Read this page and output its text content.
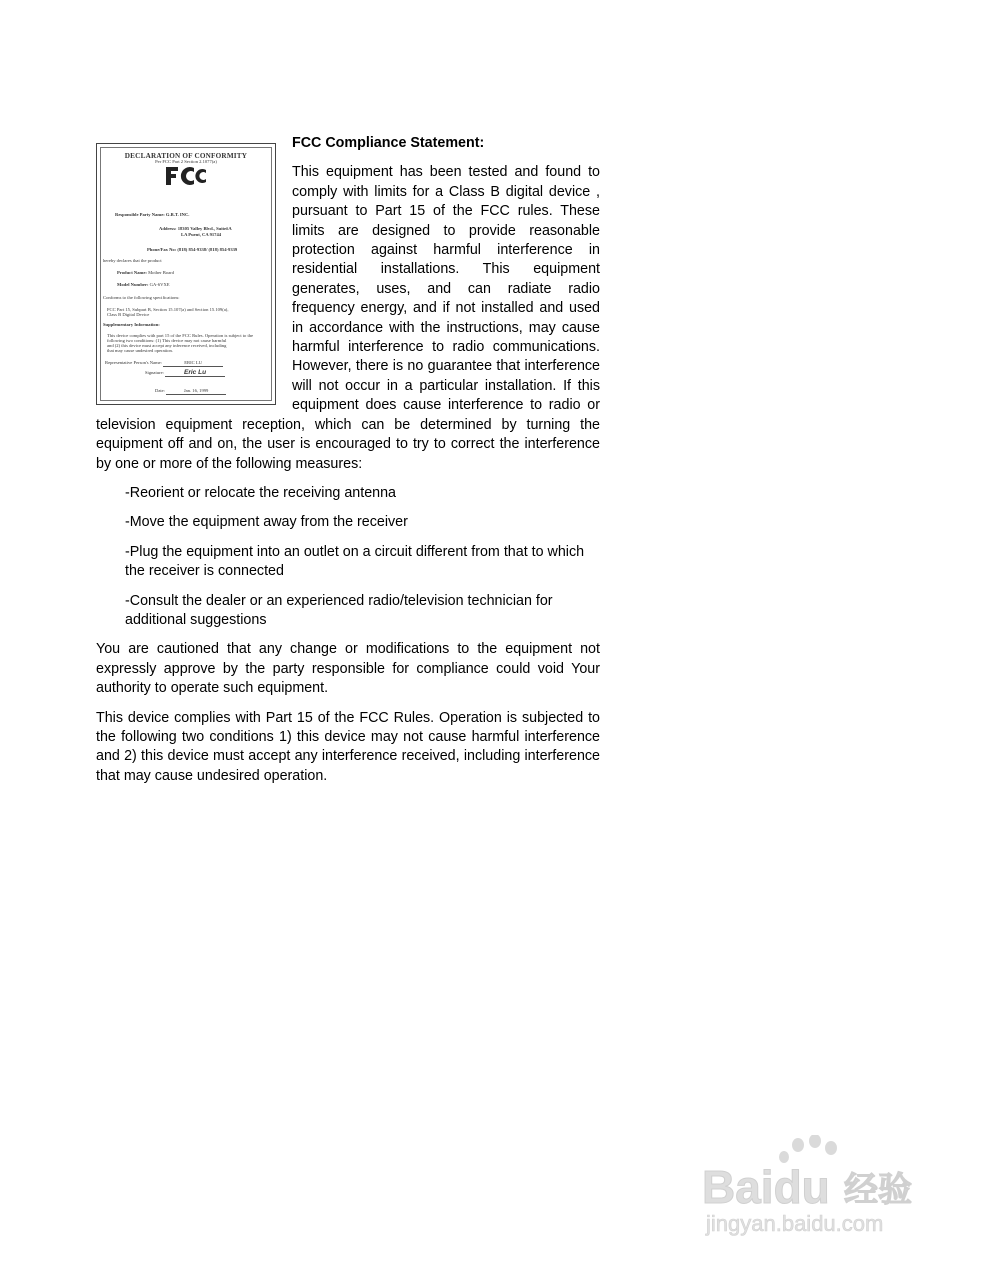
DECLARATION OF CONFORMITY
Per FCC Part 2 Section 2.1077(a)
Responsible Party Name: G.B.T. INC.
Address: 18305 Valley Blvd., Suite#A
LA Puent, CA 91744
Phone/Fax No: (818) 854-9338/ (818) 854-9339
hereby declares that the product
Product Name: Mother Board
Model Number: GA-6VXE
Conforms to the following specifications:
FCC Part 15, Subpart B, Section 15.107(a) and Section 15.109(a),
Class B Digital Device
Supplementary Information:
This device complies with part 15 of the FCC Rules. Operation is subject to the
following two conditions: (1) This device may not cause harmful
and (2) this device must accept any inference received, including
that may cause undesired operation.
Representative Person's Name:	ERIC LU
Signature:	Eric Lu
Date:	Jan. 16, 1999
FCC Compliance Statement:

This equipment has been tested and found to comply with limits for a Class B digital device , pursuant to Part 15 of the FCC rules. These limits are designed to provide reasonable protection against harmful interference in residential installations. This equipment generates, uses, and can radiate radio frequency energy, and if not installed and used in accordance with the instructions, may cause harmful interference to radio communications. However, there is no guarantee that interference will not occur in a particular installation. If this equipment does cause interference to radio or television equipment reception, which can be determined by turning the equipment off and on, the user is encouraged to try to correct the interference by one or more of the following measures:

-Reorient or relocate the receiving antenna
-Move the equipment away from the receiver
-Plug the equipment into an outlet on a circuit different from that to which the receiver is connected
-Consult the dealer or an experienced radio/television technician for additional suggestions

You are cautioned that any change or modifications to the equipment not expressly approve by the party responsible for compliance could void Your authority to operate such equipment.

This device complies with Part 15 of the FCC Rules. Operation is subjected to the following two conditions 1) this device may not cause harmful interference and 2) this device must accept any interference received, including interference that may cause undesired operation.

Baidu 经验
jingyan.baidu.com
